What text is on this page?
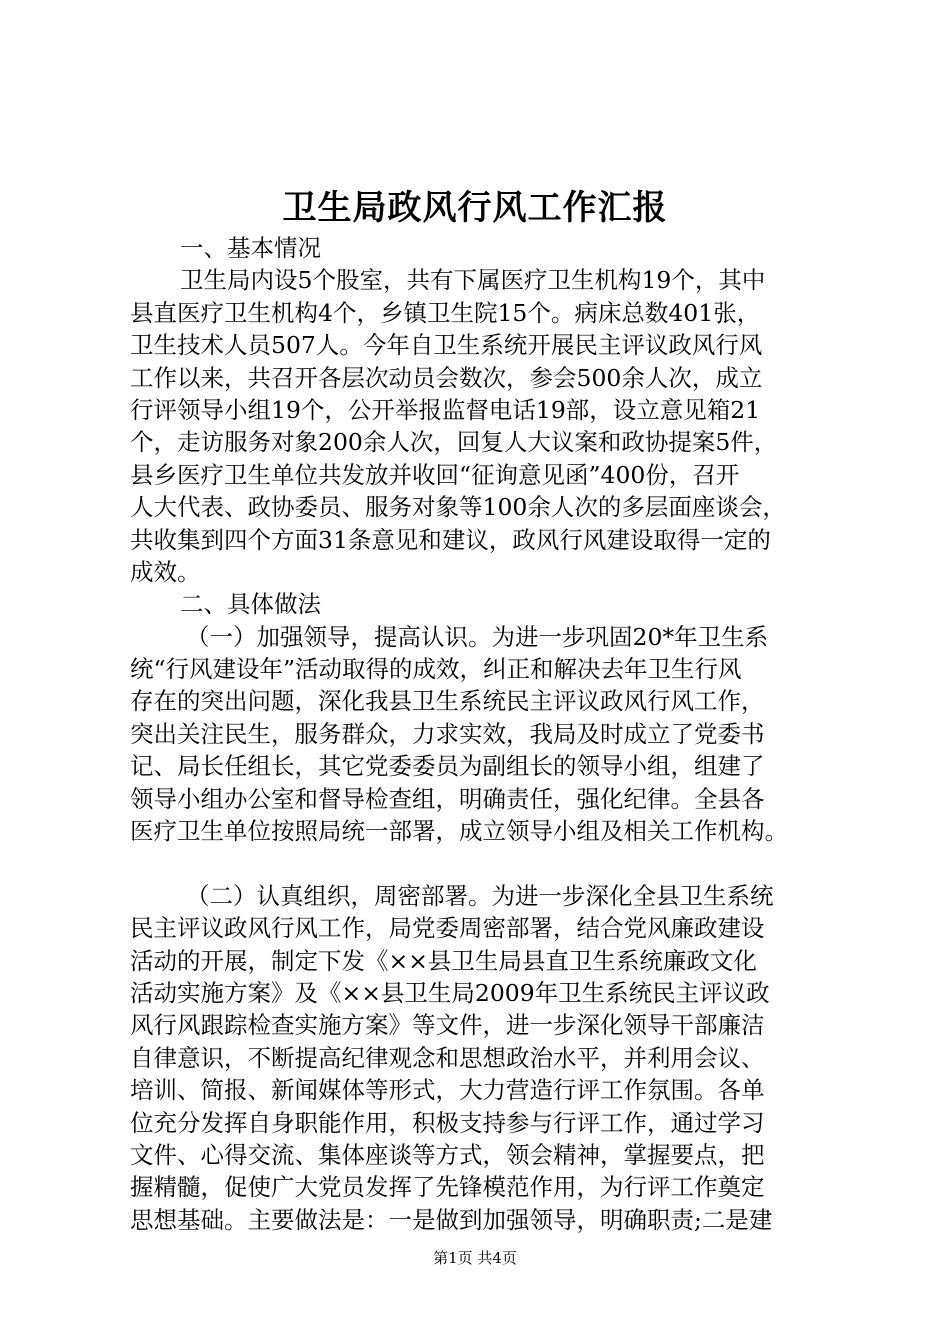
卫生局政风行风工作汇报
一、基本情况
卫生局内设5个股室，共有下属医疗卫生机构19个，其中
县直医疗卫生机构4个，乡镇卫生院15个。病床总数401张，
卫生技术人员507人。今年自卫生系统开展民主评议政风行风
工作以来，共召开各层次动员会数次，参会500余人次，成立
行评领导小组19个，公开举报监督电话19部，设立意见箱21
个，走访服务对象200余人次，回复人大议案和政协提案5件，
县乡医疗卫生单位共发放并收回“征询意见函”400份，召开
人大代表、政协委员、服务对象等100余人次的多层面座谈会，
共收集到四个方面31条意见和建议，政风行风建设取得一定的
成效。
二、具体做法
（一）加强领导，提高认识。为进一步巩固20*年卫生系
统“行风建设年”活动取得的成效，纠正和解决去年卫生行风
存在的突出问题，深化我县卫生系统民主评议政风行风工作，
突出关注民生，服务群众，力求实效，我局及时成立了党委书
记、局长任组长，其它党委委员为副组长的领导小组，组建了
领导小组办公室和督导检查组，明确责任，强化纪律。全县各
医疗卫生单位按照局统一部署，成立领导小组及相关工作机构。
（二）认真组织，周密部署。为进一步深化全县卫生系统
民主评议政风行风工作，局党委周密部署，结合党风廉政建设
活动的开展，制定下发《××县卫生局县直卫生系统廉政文化
活动实施方案》及《××县卫生局2009年卫生系统民主评议政
风行风跟踪检查实施方案》等文件，进一步深化领导干部廉洁
自律意识，不断提高纪律观念和思想政治水平，并利用会议、
培训、简报、新闻媒体等形式，大力营造行评工作氛围。各单
位充分发挥自身职能作用，积极支持参与行评工作，通过学习
文件、心得交流、集体座谈等方式，领会精神，掌握要点，把
握精髓，促使广大党员发挥了先锋模范作用，为行评工作奠定
思想基础。主要做法是：一是做到加强领导，明确职责;二是建
第1页 共4页
